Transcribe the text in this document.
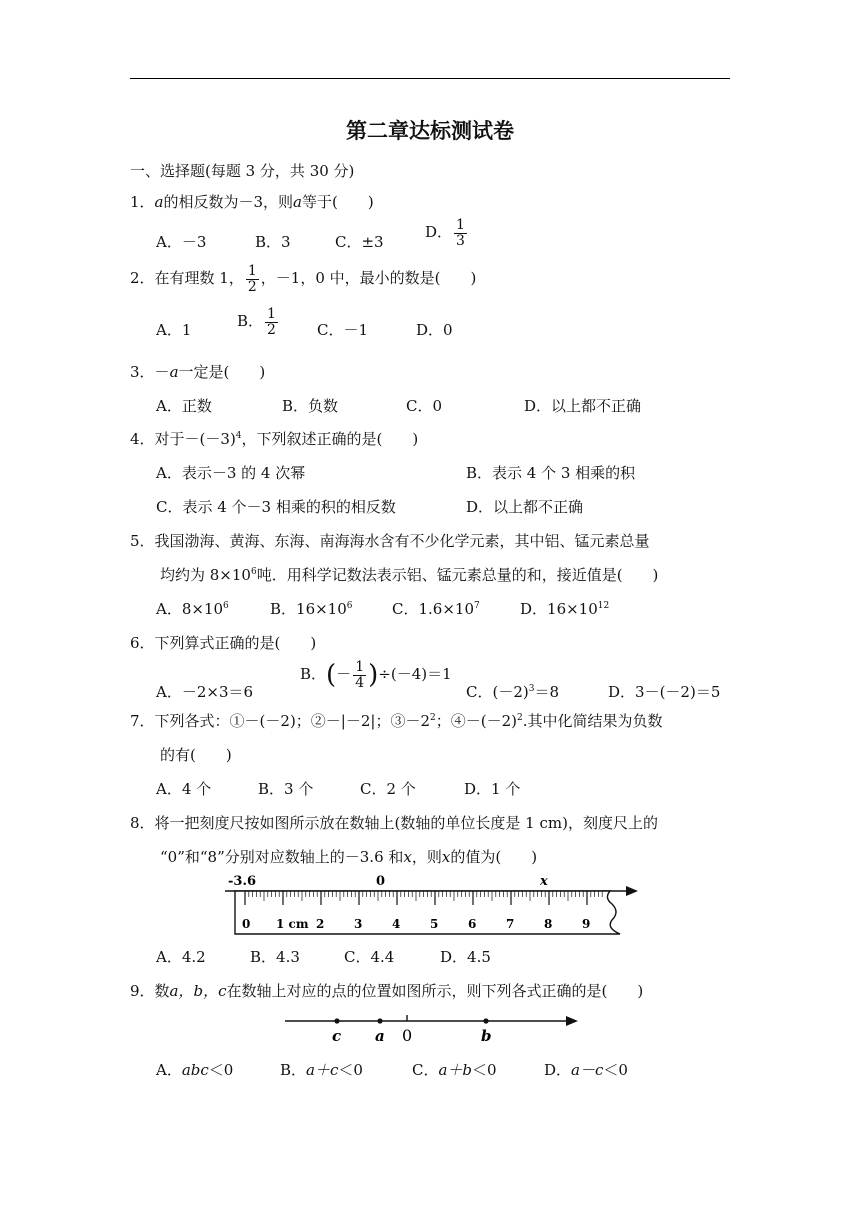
第二章达标测试卷
一、选择题(每题 3 分，共 30 分)
1．a的相反数为－3，则a等于(　　)
A．－3	B．3	C．±3
D． $\frac{1}{3}$
2．在有理数 1， $\frac{1}{2}$ ，－1，0 中，最小的数是(　　)
A．1	B． $\frac{1}{2}$	C．－1	D．0
3．－a一定是(　　)
A．正数	B．负数	C．0	D．以上都不正确
4．对于$-(-3)^4$，下列叙述正确的是(　　)
A．表示－3 的 4 次幂	B．表示 4 个 3 相乘的积
C．表示 4 个－3 相乘的积的相反数	D．以上都不正确
5．我国渤海、黄海、东海、南海海水含有不少化学元素，其中铝、锰元素总量
均约为 $8\times 10^6$吨．用科学记数法表示铝、锰元素总量的和，接近值是(　　)
A．$8\times 10^6$	B．$16\times 10^6$	C．$1.6\times 10^7$	D．$16\times 10^{12}$
6．下列算式正确的是(　　)
A．－2×3＝6
B．(－ $\frac{1}{4} )\div(-4)=1$
C．$(-2)^3=8$	D．3－(－2)＝5
7．下列各式：①－(－2)；②－|－2|；$③-2^2$；$④-(-2)^2$.其中化简结果为负数
的有(　　)
A．4 个	B．3 个	C．2 个	D．1 个
8．将一把刻度尺按如图所示放在数轴上(数轴的单位长度是 1 cm)，刻度尺上的
“0”和“8”分别对应数轴上的－3.6 和x，则x的值为(　　)
-3.6	0	x
0 1 cm 2 3 4 5 6 7 8 9
A．4.2	B．4.3	C．4.4	D．4.5
9．数a，b，c在数轴上对应的点的位置如图所示，则下列各式正确的是(　　)
c a 0	b
A．abc＜0	B．a＋c＜0	C．a＋b＜0	D．a－c＜0
